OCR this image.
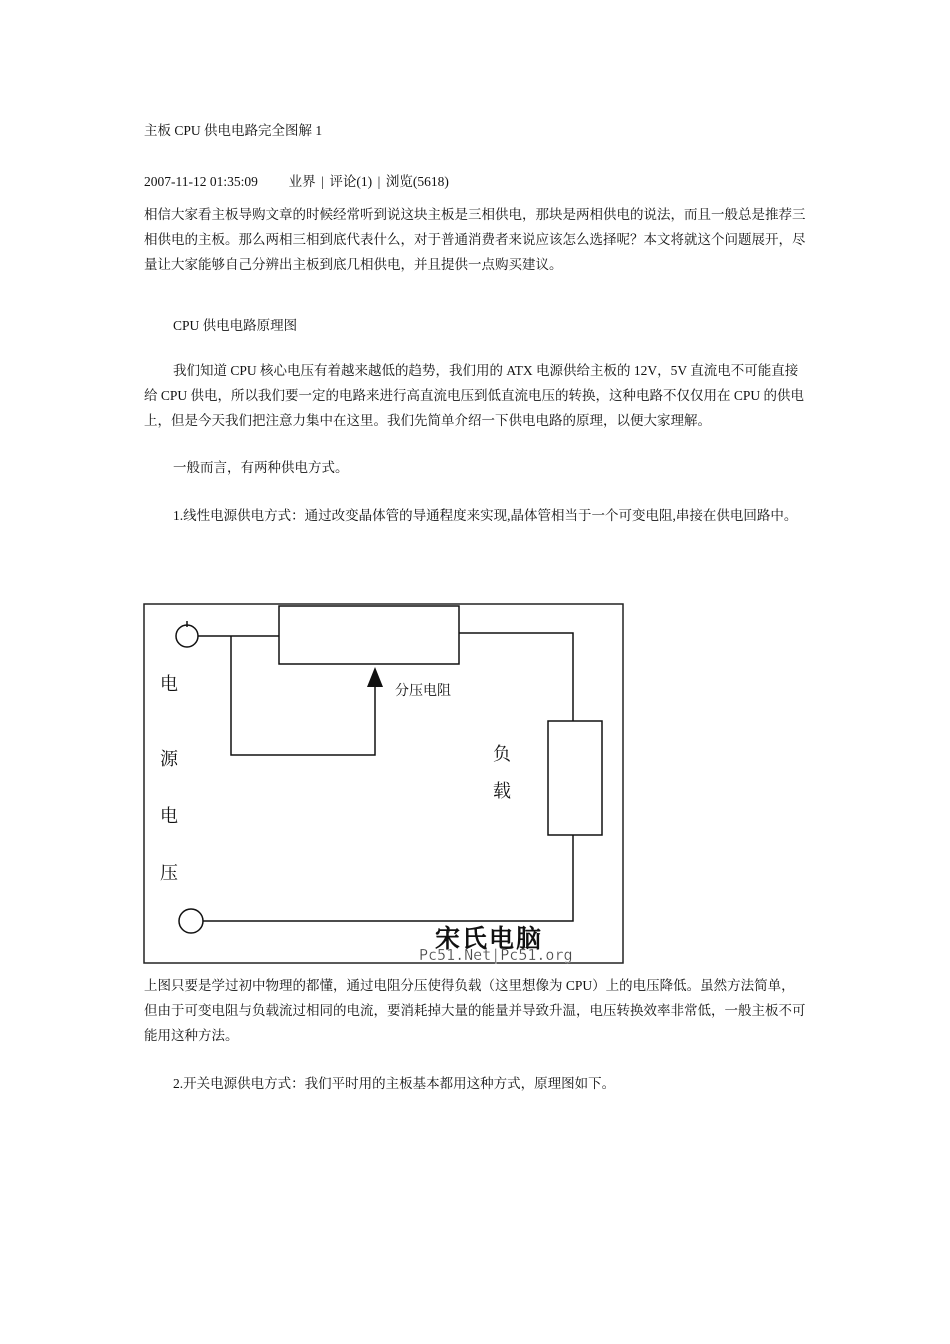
主板 CPU 供电电路完全图解 1
2007-11-12 01:35:09 业界 | 评论(1) | 浏览(5618)

相信大家看主板导购文章的时候经常听到说这块主板是三相供电，那块是两相供电的说法，而且一般总是推荐三相供电的主板。那么两相三相到底代表什么，对于普通消费者来说应该怎么选择呢？本文将就这个问题展开，尽量让大家能够自己分辨出主板到底几相供电，并且提供一点购买建议。

CPU 供电电路原理图

我们知道 CPU 核心电压有着越来越低的趋势，我们用的 ATX 电源供给主板的 12V，5V 直流电不可能直接给 CPU 供电，所以我们要一定的电路来进行高直流电压到低直流电压的转换，这种电路不仅仅用在 CPU 的供电上，但是今天我们把注意力集中在这里。我们先简单介绍一下供电电路的原理，以便大家理解。

一般而言，有两种供电方式。

1.线性电源供电方式：通过改变晶体管的导通程度来实现,晶体管相当于一个可变电阻,串接在供电回路中。

电
源
电
压
分压电阻
负
载
宋氏电脑
Pc51.Net|Pc51.org

上图只要是学过初中物理的都懂，通过电阻分压使得负载（这里想像为 CPU）上的电压降低。虽然方法简单，但由于可变电阻与负载流过相同的电流，要消耗掉大量的能量并导致升温，电压转换效率非常低，一般主板不可能用这种方法。

2.开关电源供电方式：我们平时用的主板基本都用这种方式，原理图如下。
